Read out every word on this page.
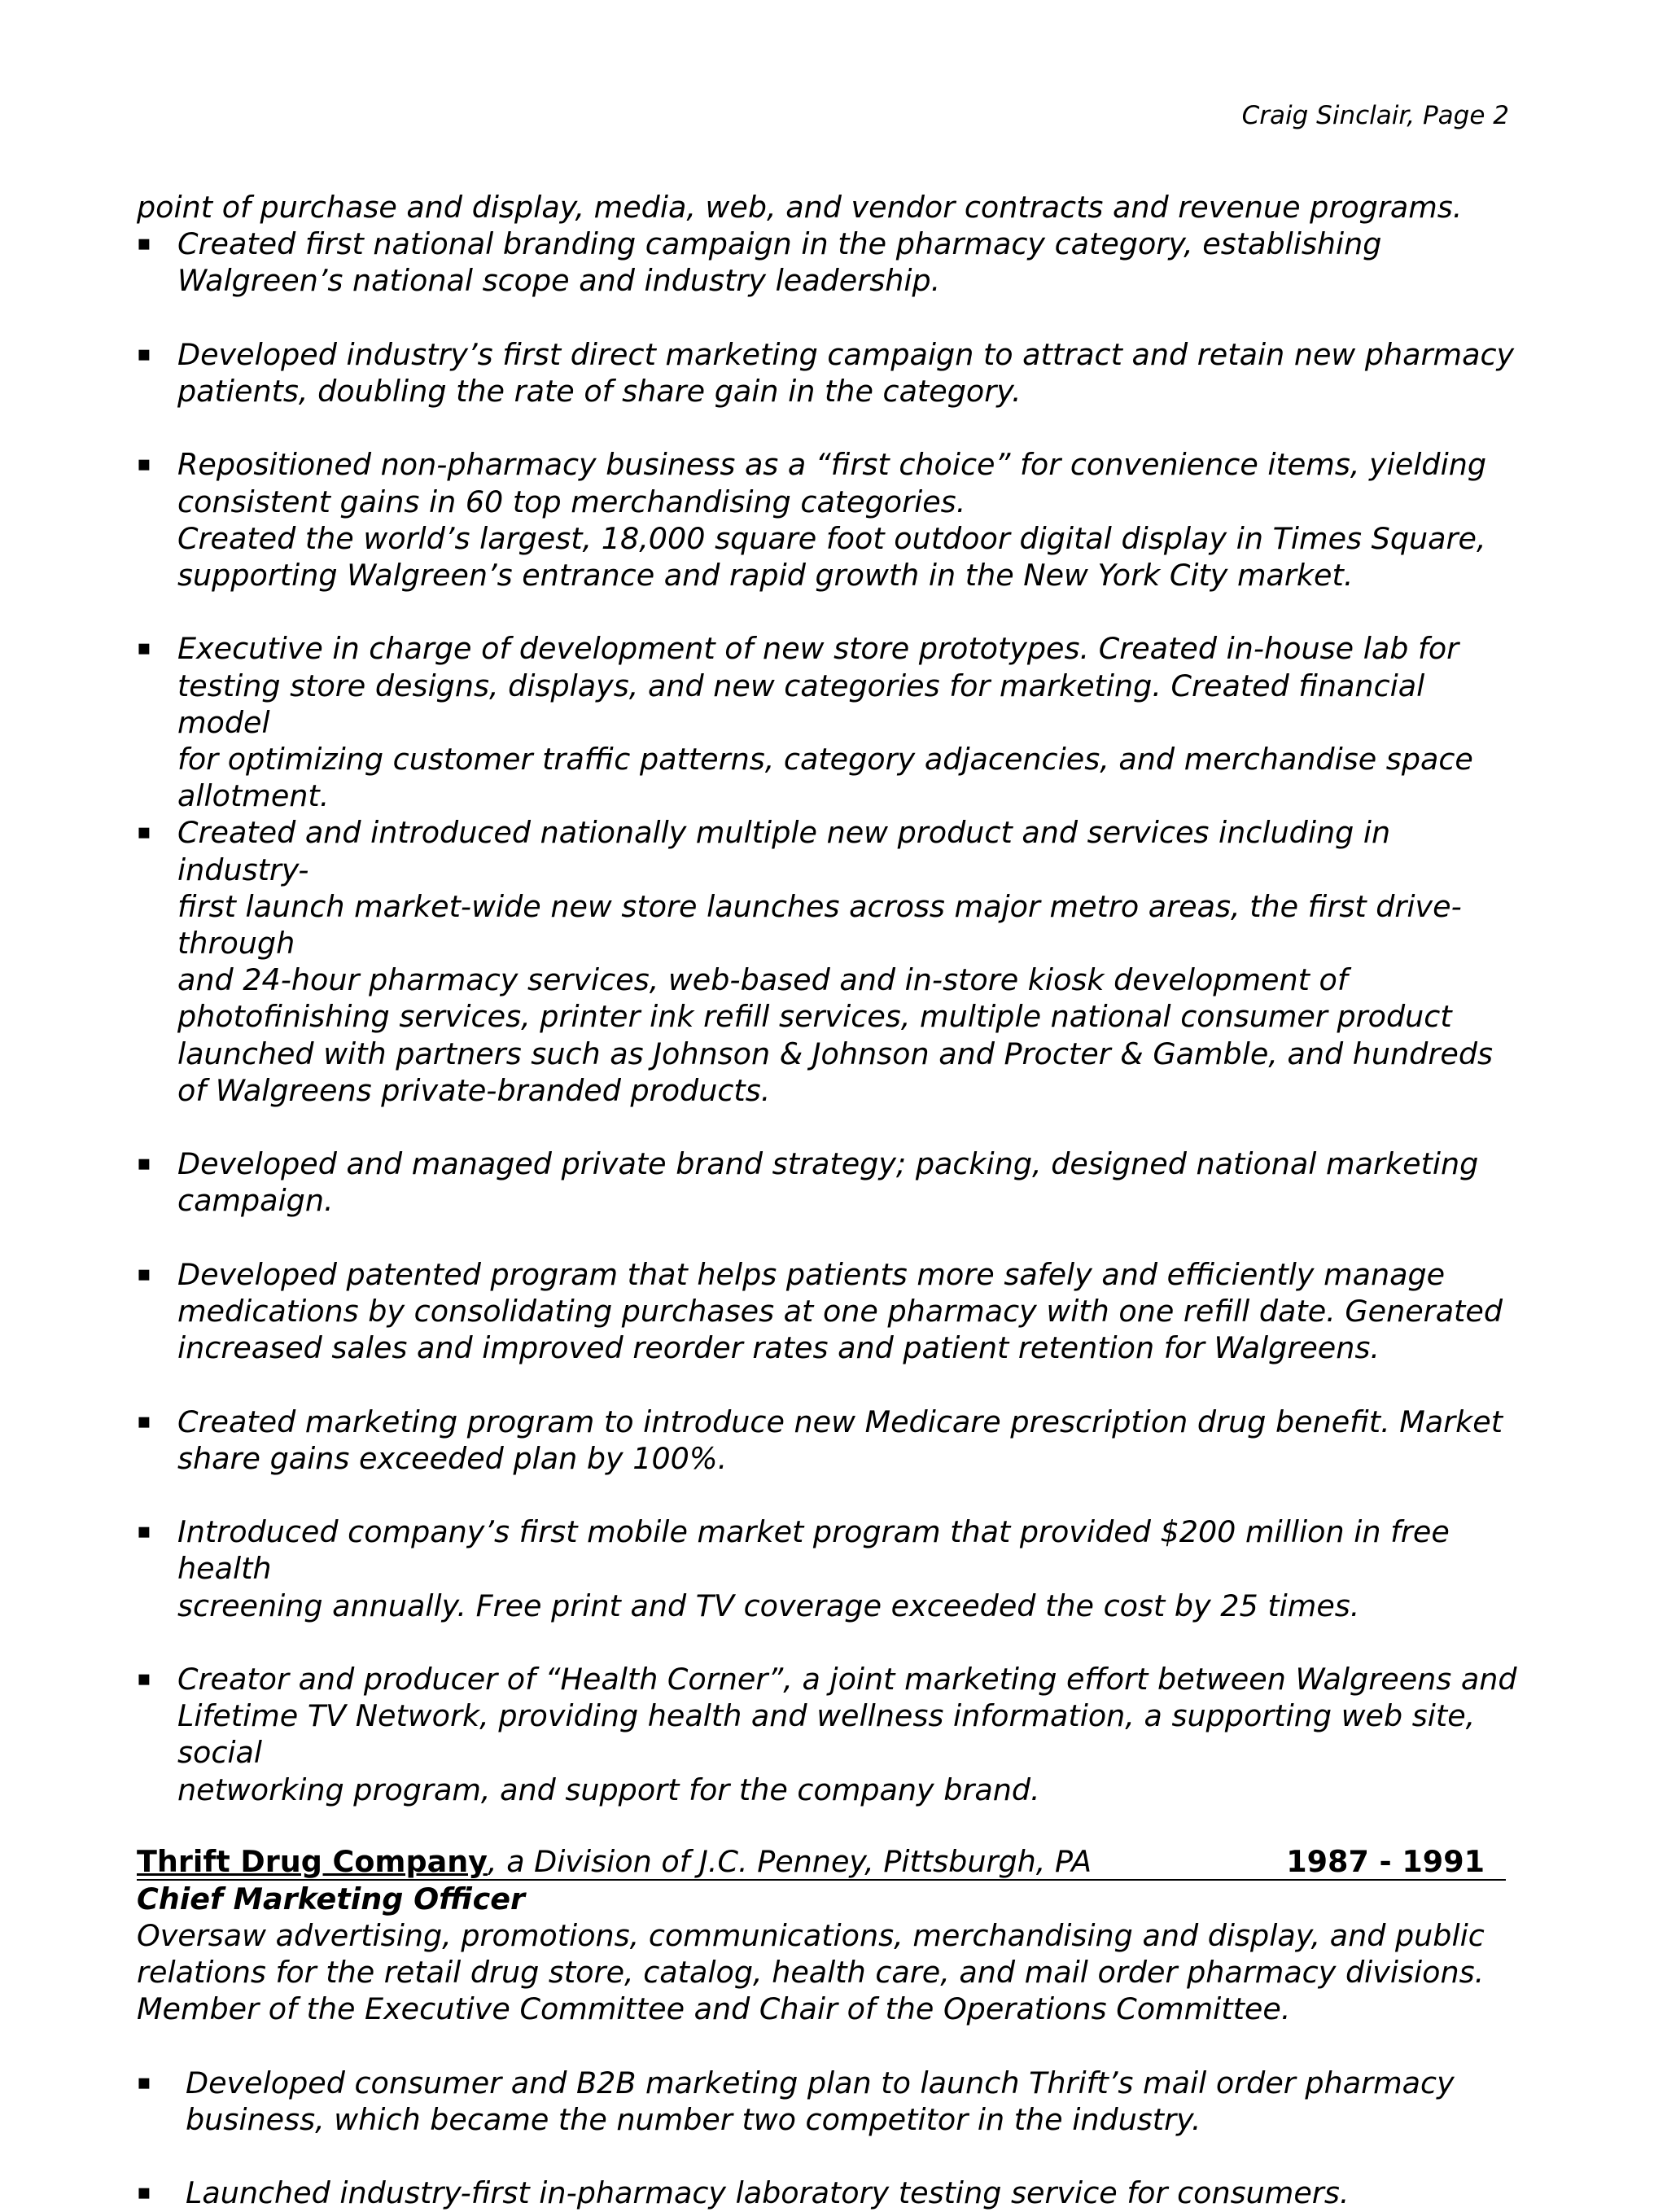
Craig Sinclair, Page 2

point of purchase and display, media, web, and vendor contracts and revenue programs.

▪ Created first national branding campaign in the pharmacy category, establishing
Walgreen’s national scope and industry leadership.
▪ Developed industry’s first direct marketing campaign to attract and retain new pharmacy
patients, doubling the rate of share gain in the category.
▪ Repositioned non-pharmacy business as a “first choice” for convenience items, yielding
consistent gains in 60 top merchandising categories.

Created the world’s largest, 18,000 square foot outdoor digital display in Times Square,
supporting Walgreen’s entrance and rapid growth in the New York City market.

▪ Executive in charge of development of new store prototypes. Created in-house lab for
testing store designs, displays, and new categories for marketing. Created financial model
for optimizing customer traffic patterns, category adjacencies, and merchandise space
allotment.
▪ Created and introduced nationally multiple new product and services including in industry-
first launch market-wide new store launches across major metro areas, the first drive-through
and 24-hour pharmacy services, web-based and in-store kiosk development of
photofinishing services, printer ink refill services, multiple national consumer product
launched with partners such as Johnson & Johnson and Procter & Gamble, and hundreds
of Walgreens private-branded products.
▪ Developed and managed private brand strategy; packing, designed national marketing
campaign.
▪ Developed patented program that helps patients more safely and efficiently manage
medications by consolidating purchases at one pharmacy with one refill date. Generated
increased sales and improved reorder rates and patient retention for Walgreens.
▪ Created marketing program to introduce new Medicare prescription drug benefit. Market
share gains exceeded plan by 100%.
▪ Introduced company’s first mobile market program that provided $200 million in free health
screening annually. Free print and TV coverage exceeded the cost by 25 times.
▪ Creator and producer of “Health Corner”, a joint marketing effort between Walgreens and
Lifetime TV Network, providing health and wellness information, a supporting web site, social
networking program, and support for the company brand.
Thrift Drug Company, a Division of J.C. Penney, Pittsburgh, PA	1987 - 1991

Chief Marketing Officer

Oversaw advertising, promotions, communications, merchandising and display, and public
relations for the retail drug store, catalog, health care, and mail order pharmacy divisions.
Member of the Executive Committee and Chair of the Operations Committee.

▪ Developed consumer and B2B marketing plan to launch Thrift’s mail order pharmacy
business, which became the number two competitor in the industry.
▪ Launched industry-first in-pharmacy laboratory testing service for consumers.
